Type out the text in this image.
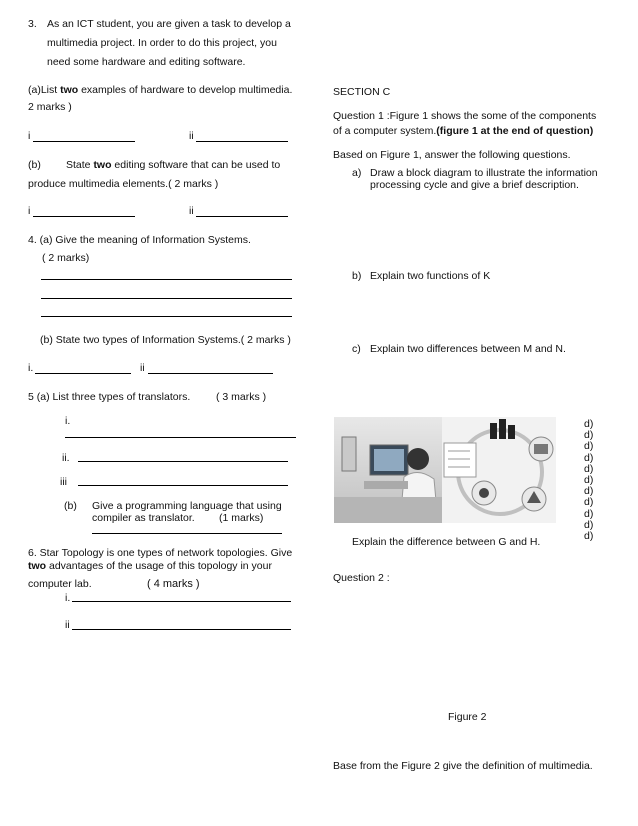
3. As an ICT student, you are given a task to develop a
multimedia project. In order to do this project, you
need some hardware and editing software.
(a)List two examples of hardware to develop multimedia.
2 marks )
i	ii
(b) State two editing software that can be used to
produce multimedia elements.( 2 marks )
i	ii
4. (a) Give the meaning of Information Systems.
( 2 marks)
(b) State two types of Information Systems.( 2 marks )
i.	ii
5 (a) List three types of translators. ( 3 marks )
i.
ii.
iii
(b) Give a programming language that using
compiler as translator. (1 marks)
6. Star Topology is one types of network topologies. Give
two advantages of the usage of this topology in your
computer lab.	( 4 marks )
i.
ii
SECTION C
Question 1 :Figure 1 shows the some of the components
of a computer system.(figure 1 at the end of question)
Based on Figure 1, answer the following questions.
a) Draw a block diagram to illustrate the information
processing cycle and give a brief description.
b) Explain two functions of K
c) Explain two differences between M and N.
d)
d)
d)
d)
d)
d)
d)
d)
d)
d)
d)
Explain the difference between G and H.
Question 2 :
Figure 2
Base from the Figure 2 give the definition of multimedia.
